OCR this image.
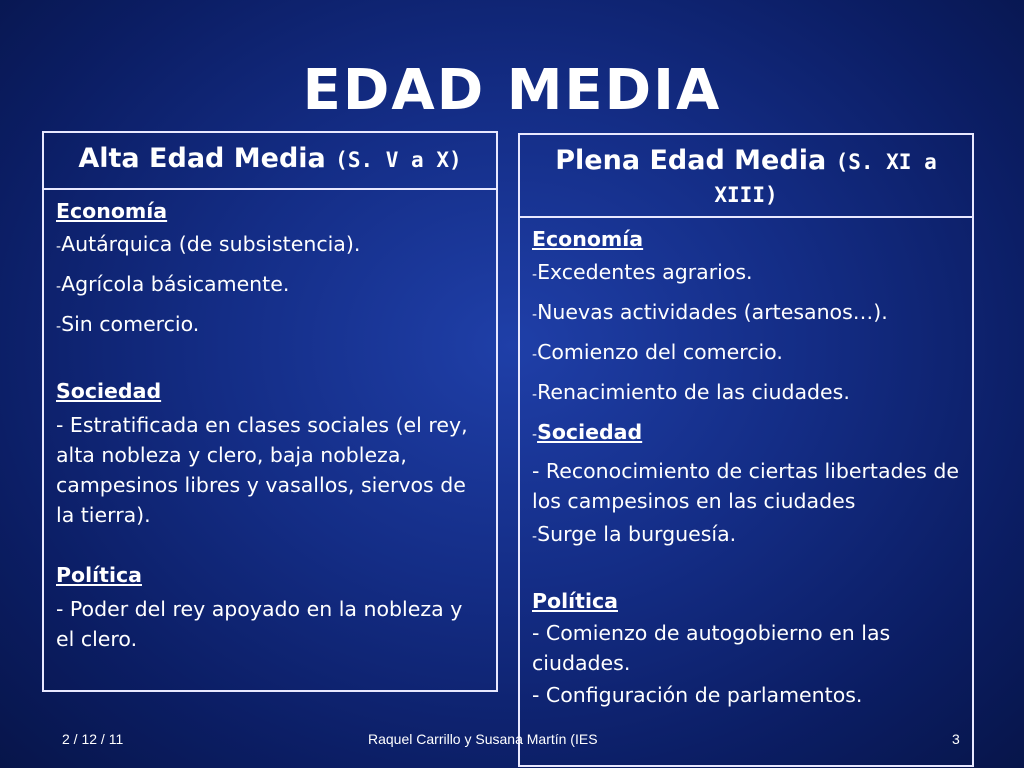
EDAD MEDIA
Alta Edad Media (S. V a X)
Economía
-Autárquica (de subsistencia).
-Agrícola básicamente.
-Sin comercio.
Sociedad
- Estratificada en clases sociales (el rey, alta nobleza y clero, baja nobleza, campesinos libres y vasallos, siervos de la tierra).
Política
- Poder del rey apoyado en la nobleza y el clero.
Plena Edad Media (S. XI a
XIII)
Economía
-Excedentes agrarios.
-Nuevas actividades (artesanos…).
-Comienzo del comercio.
-Renacimiento de las ciudades.
-Sociedad
- Reconocimiento de ciertas libertades de los campesinos en las ciudades
-Surge la burguesía.
Política
- Comienzo de autogobierno en las ciudades.
- Configuración de parlamentos.
2 / 12 / 11	Raquel Carrillo y Susana Martín (IES	3
